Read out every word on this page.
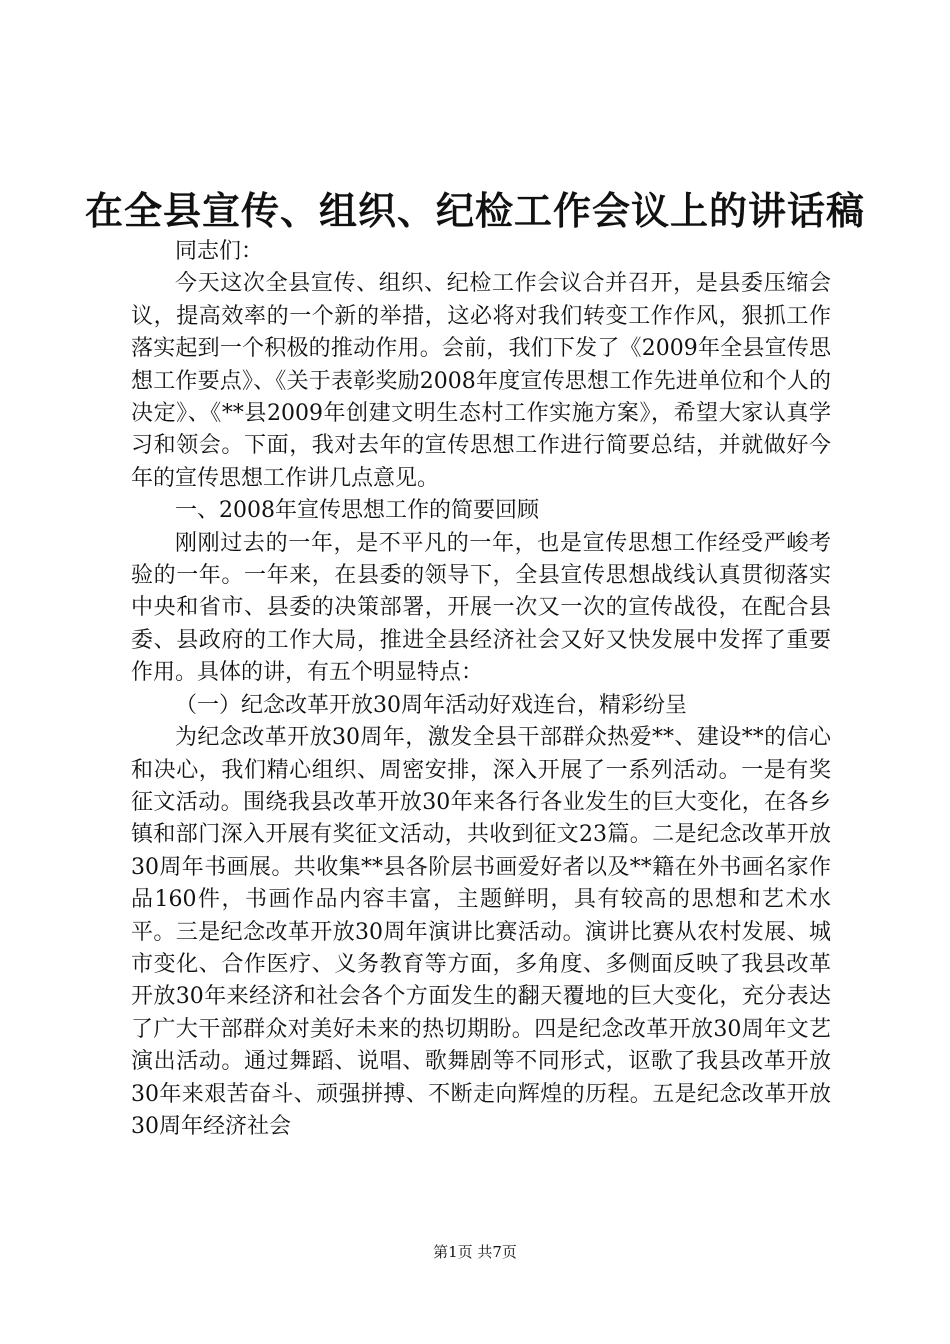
在全县宣传、组织、纪检工作会议上的讲话稿

同志们：

今天这次全县宣传、组织、纪检工作会议合并召开，是县委压缩会议，提高效率的一个新的举措，这必将对我们转变工作作风，狠抓工作落实起到一个积极的推动作用。会前，我们下发了《2009年全县宣传思想工作要点》、《关于表彰奖励2008年度宣传思想工作先进单位和个人的决定》、《**县2009年创建文明生态村工作实施方案》，希望大家认真学习和领会。下面，我对去年的宣传思想工作进行简要总结，并就做好今年的宣传思想工作讲几点意见。

一、2008年宣传思想工作的简要回顾

刚刚过去的一年，是不平凡的一年，也是宣传思想工作经受严峻考验的一年。一年来，在县委的领导下，全县宣传思想战线认真贯彻落实中央和省市、县委的决策部署，开展一次又一次的宣传战役，在配合县委、县政府的工作大局，推进全县经济社会又好又快发展中发挥了重要作用。具体的讲，有五个明显特点：

（一）纪念改革开放30周年活动好戏连台，精彩纷呈

为纪念改革开放30周年，激发全县干部群众热爱**、建设**的信心和决心，我们精心组织、周密安排，深入开展了一系列活动。一是有奖征文活动。围绕我县改革开放30年来各行各业发生的巨大变化，在各乡镇和部门深入开展有奖征文活动，共收到征文23篇。二是纪念改革开放30周年书画展。共收集**县各阶层书画爱好者以及**籍在外书画名家作品160件，书画作品内容丰富，主题鲜明，具有较高的思想和艺术水平。三是纪念改革开放30周年演讲比赛活动。演讲比赛从农村发展、城市变化、合作医疗、义务教育等方面，多角度、多侧面反映了我县改革开放30年来经济和社会各个方面发生的翻天覆地的巨大变化，充分表达了广大干部群众对美好未来的热切期盼。四是纪念改革开放30周年文艺演出活动。通过舞蹈、说唱、歌舞剧等不同形式，讴歌了我县改革开放30年来艰苦奋斗、顽强拼搏、不断走向辉煌的历程。五是纪念改革开放30周年经济社会

第1页 共7页
